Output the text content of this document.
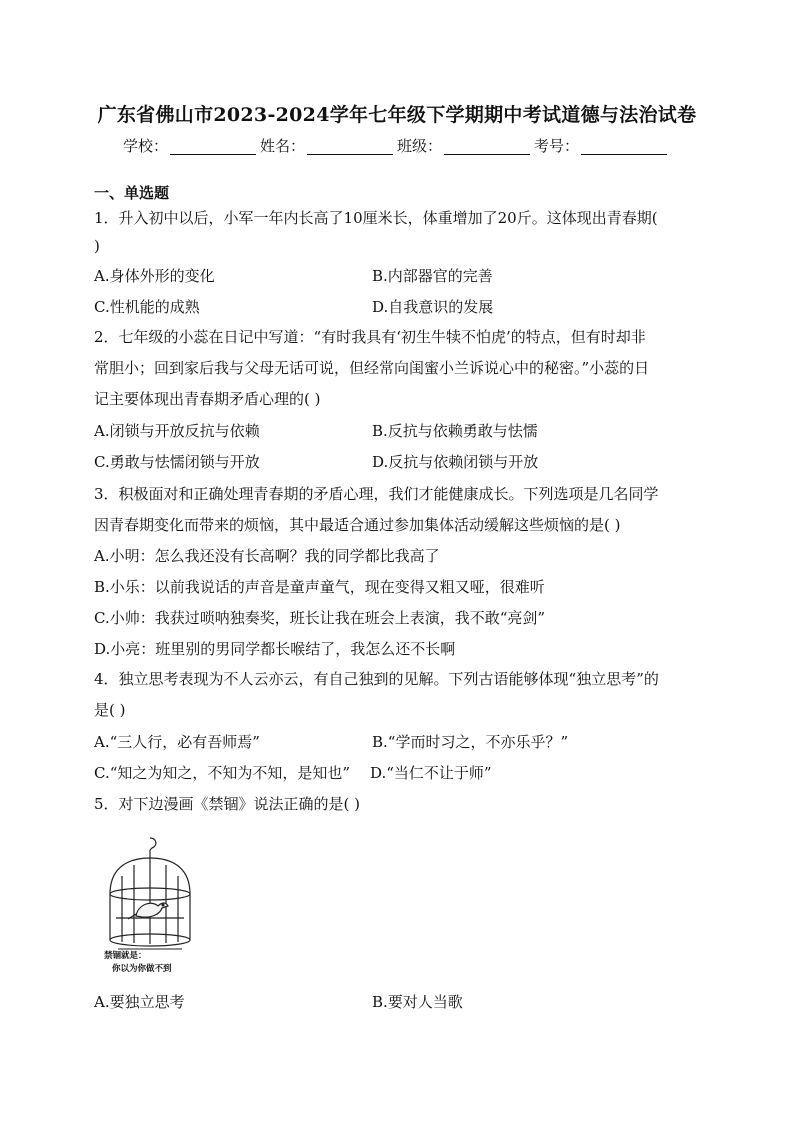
广东省佛山市2023-2024学年七年级下学期期中考试道德与法治试卷
学校：	姓名：	班级：	考号：
一、单选题
1．升入初中以后，小军一年内长高了10厘米长，体重增加了20斤。这体现出青春期(
)
A.身体外形的变化	B.内部器官的完善
C.性机能的成熟	D.自我意识的发展
2．七年级的小蕊在日记中写道：“有时我具有‘初生牛犊不怕虎’的特点，但有时却非
常胆小；回到家后我与父母无话可说，但经常向闺蜜小兰诉说心中的秘密。”小蕊的日
记主要体现出青春期矛盾心理的( )
A.闭锁与开放反抗与依赖	B.反抗与依赖勇敢与怯懦
C.勇敢与怯懦闭锁与开放	D.反抗与依赖闭锁与开放
3．积极面对和正确处理青春期的矛盾心理，我们才能健康成长。下列选项是几名同学
因青春期变化而带来的烦恼，其中最适合通过参加集体活动缓解这些烦恼的是( )
A.小明：怎么我还没有长高啊？我的同学都比我高了
B.小乐：以前我说话的声音是童声童气，现在变得又粗又哑，很难听
C.小帅：我获过唢呐独奏奖，班长让我在班会上表演，我不敢“亮剑”
D.小亮：班里别的男同学都长喉结了，我怎么还不长啊
4．独立思考表现为不人云亦云，有自己独到的见解。下列古语能够体现“独立思考”的
是( )
A.“三人行，必有吾师焉”	B.“学而时习之，不亦乐乎？”
C.“知之为知之，不知为不知，是知也” D.“当仁不让于师”
5．对下边漫画《禁锢》说法正确的是( )
禁锢就是：
你以为你做不到
A.要独立思考	B.要对人当歌
